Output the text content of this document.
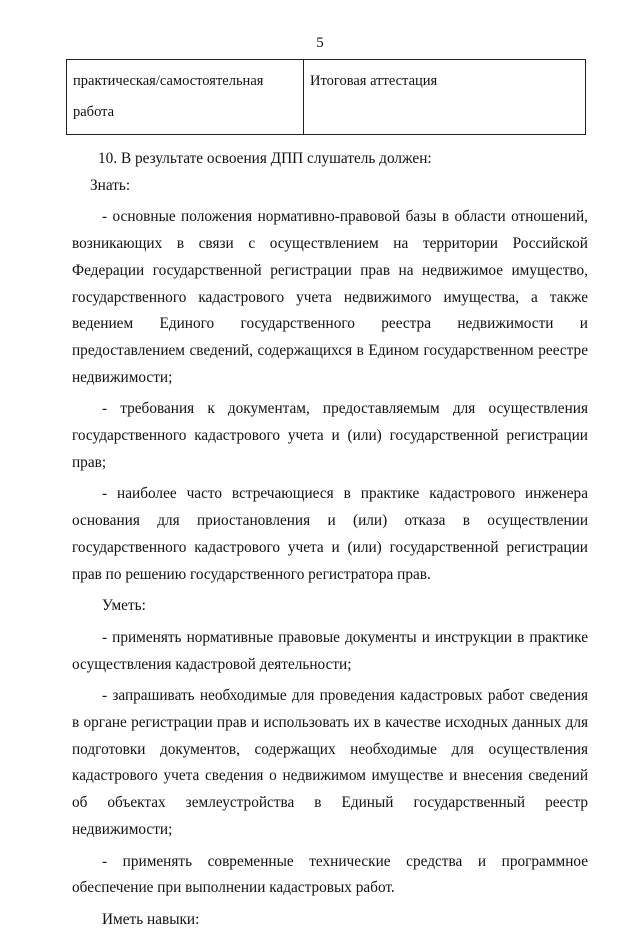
5
практическая/самостоятельная работа	Итоговая аттестация

10. В результате освоения ДПП слушатель должен:

Знать:

- основные положения нормативно-правовой базы в области отношений, возникающих в связи с осуществлением на территории Российской Федерации государственной регистрации прав на недвижимое имущество, государственного кадастрового учета недвижимого имущества, а также ведением Единого государственного реестра недвижимости и предоставлением сведений, содержащихся в Едином государственном реестре недвижимости;

- требования к документам, предоставляемым для осуществления государственного кадастрового учета и (или) государственной регистрации прав;

- наиболее часто встречающиеся в практике кадастрового инженера основания для приостановления и (или) отказа в осуществлении государственного кадастрового учета и (или) государственной регистрации прав по решению государственного регистратора прав.

Уметь:

- применять нормативные правовые документы и инструкции в практике осуществления кадастровой деятельности;

- запрашивать необходимые для проведения кадастровых работ сведения в органе регистрации прав и использовать их в качестве исходных данных для подготовки документов, содержащих необходимые для осуществления кадастрового учета сведения о недвижимом имуществе и внесения сведений об объектах землеустройства в Единый государственный реестр недвижимости;

- применять современные технические средства и программное обеспечение при выполнении кадастровых работ.

Иметь навыки:
